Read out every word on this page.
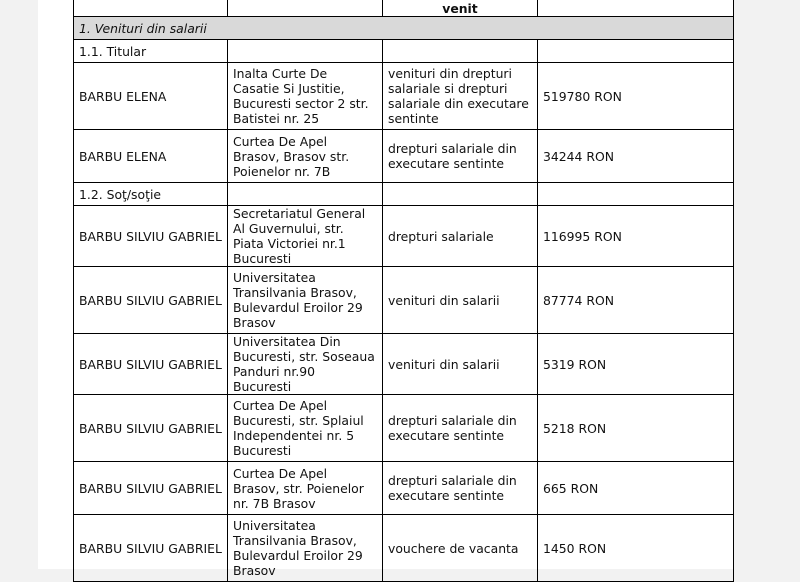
		venit	
1. Venituri din salarii			
1.1. Titular			
BARBU ELENA	Inalta Curte De Casatie Si Justitie, Bucuresti sector 2 str. Batistei nr. 25	venituri din drepturi salariale si drepturi salariale din executare sentinte	519780 RON
BARBU ELENA	Curtea De Apel Brasov, Brasov str. Poienelor nr. 7B	drepturi salariale din executare sentinte	34244 RON
1.2. Soţ/soţie			
BARBU SILVIU GABRIEL	Secretariatul General Al Guvernului, str. Piata Victoriei nr.1 Bucuresti	drepturi salariale	116995 RON
BARBU SILVIU GABRIEL	Universitatea Transilvania Brasov, Bulevardul Eroilor 29 Brasov	venituri din salarii	87774 RON
BARBU SILVIU GABRIEL	Universitatea Din Bucuresti, str. Soseaua Panduri nr.90 Bucuresti	venituri din salarii	5319 RON
BARBU SILVIU GABRIEL	Curtea De Apel Bucuresti, str. Splaiul Independentei nr. 5 Bucuresti	drepturi salariale din executare sentinte	5218 RON
BARBU SILVIU GABRIEL	Curtea De Apel Brasov, str. Poienelor nr. 7B Brasov	drepturi salariale din executare sentinte	665 RON
BARBU SILVIU GABRIEL	Universitatea Transilvania Brasov, Bulevardul Eroilor 29 Brasov	vouchere de vacanta	1450 RON
